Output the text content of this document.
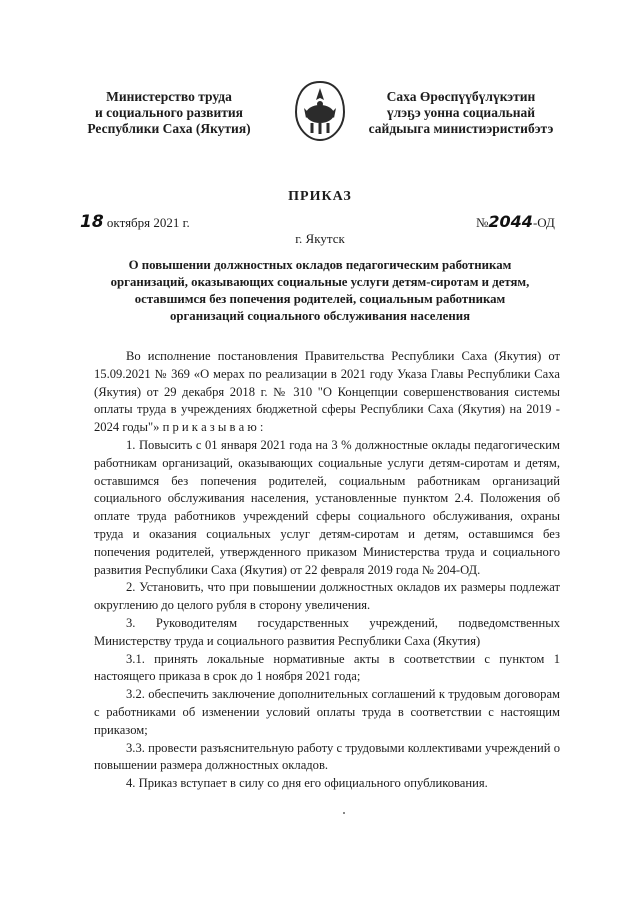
Министерство труда
и социального развития
Республики Саха (Якутия)
Саха Өрөспүүбүлүкэтин
үлэҕэ уонна социальнай
сайдыыга министиэристибэтэ
ПРИКАЗ
18 октября 2021 г.	№2044-ОД
г. Якутск
О повышении должностных окладов педагогическим работникам
организаций, оказывающих социальные услуги детям-сиротам и детям,
оставшимся без попечения родителей, социальным работникам
организаций социального обслуживания населения

Во исполнение постановления Правительства Республики Саха (Якутия) от 15.09.2021 № 369 «О мерах по реализации в 2021 году Указа Главы Республики Саха (Якутия) от 29 декабря 2018 г. № 310 "О Концепции совершенствования системы оплаты труда в учреждениях бюджетной сферы Республики Саха (Якутия) на 2019 - 2024 годы"» п р и к а з ы в а ю :

1. Повысить с 01 января 2021 года на 3 % должностные оклады педагогическим работникам организаций, оказывающих социальные услуги детям-сиротам и детям, оставшимся без попечения родителей, социальным работникам организаций социального обслуживания населения, установленные пунктом 2.4. Положения об оплате труда работников учреждений сферы социального обслуживания, охраны труда и оказания социальных услуг детям-сиротам и детям, оставшимся без попечения родителей, утвержденного приказом Министерства труда и социального развития Республики Саха (Якутия) от 22 февраля 2019 года № 204-ОД.

2. Установить, что при повышении должностных окладов их размеры подлежат округлению до целого рубля в сторону увеличения.

3. Руководителям государственных учреждений, подведомственных Министерству труда и социального развития Республики Саха (Якутия)

3.1. принять локальные нормативные акты в соответствии с пунктом 1 настоящего приказа в срок до 1 ноября 2021 года;

3.2. обеспечить заключение дополнительных соглашений к трудовым договорам с работниками об изменении условий оплаты труда в соответствии с настоящим приказом;

3.3. провести разъяснительную работу с трудовыми коллективами учреждений о повышении размера должностных окладов.

4. Приказ вступает в силу со дня его официального опубликования.
